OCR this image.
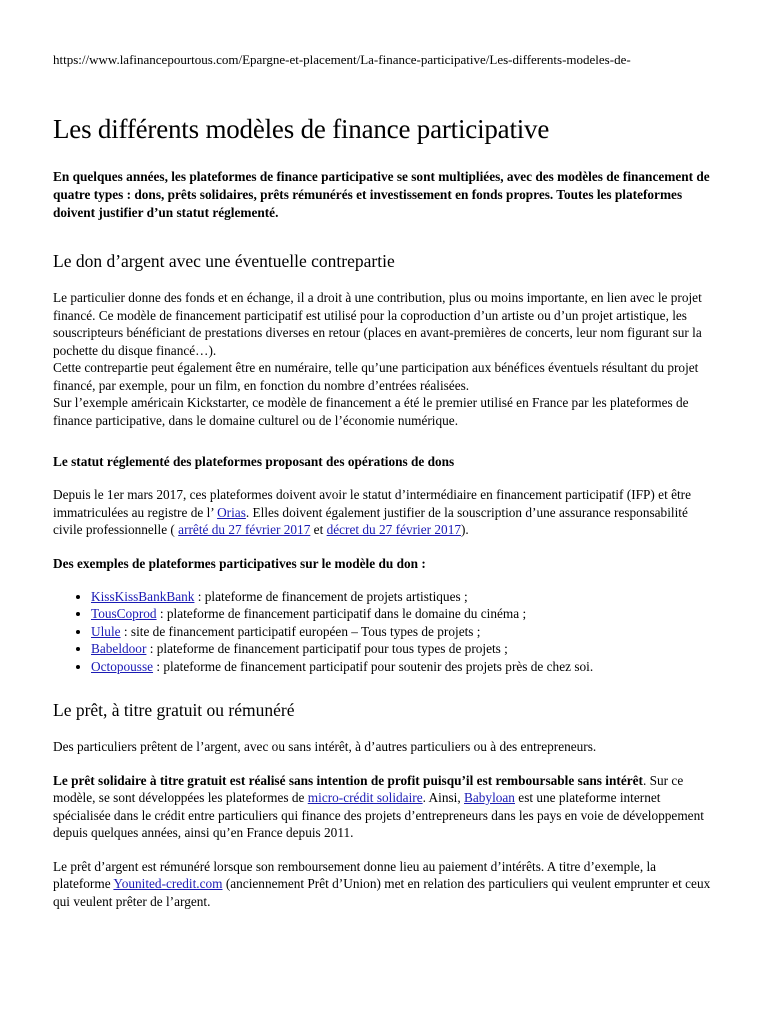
https://www.lafinancepourtous.com/Epargne-et-placement/La-finance-participative/Les-differents-modeles-de-
Les différents modèles de finance participative

En quelques années, les plateformes de finance participative se sont multipliées, avec des modèles de financement de quatre types : dons, prêts solidaires, prêts rémunérés et investissement en fonds propres. Toutes les plateformes doivent justifier d’un statut réglementé.

Le don d’argent avec une éventuelle contrepartie

Le particulier donne des fonds et en échange, il a droit à une contribution, plus ou moins importante, en lien avec le projet financé. Ce modèle de financement participatif est utilisé pour la coproduction d’un artiste ou d’un projet artistique, les souscripteurs bénéficiant de prestations diverses en retour (places en avant-premières de concerts, leur nom figurant sur la pochette du disque financé…).
Cette contrepartie peut également être en numéraire, telle qu’une participation aux bénéfices éventuels résultant du projet financé, par exemple, pour un film, en fonction du nombre d’entrées réalisées.
Sur l’exemple américain Kickstarter, ce modèle de financement a été le premier utilisé en France par les plateformes de finance participative, dans le domaine culturel ou de l’économie numérique.

Le statut réglementé des plateformes proposant des opérations de dons

Depuis le 1er mars 2017, ces plateformes doivent avoir le statut d’intermédiaire en financement participatif (IFP) et être immatriculées au registre de l’ Orias. Elles doivent également justifier de la souscription d’une assurance responsabilité civile professionnelle ( arrêté du 27 février 2017 et décret du 27 février 2017).

Des exemples de plateformes participatives sur le modèle du don :
• KissKissBankBank : plateforme de financement de projets artistiques ;
• TousCoprod : plateforme de financement participatif dans le domaine du cinéma ;
• Ulule : site de financement participatif européen – Tous types de projets ;
• Babeldoor : plateforme de financement participatif pour tous types de projets ;
• Octopousse : plateforme de financement participatif pour soutenir des projets près de chez soi.
Le prêt, à titre gratuit ou rémunéré

Des particuliers prêtent de l’argent, avec ou sans intérêt, à d’autres particuliers ou à des entrepreneurs.

Le prêt solidaire à titre gratuit est réalisé sans intention de profit puisqu’il est remboursable sans intérêt. Sur ce modèle, se sont développées les plateformes de micro-crédit solidaire. Ainsi, Babyloan est une plateforme internet spécialisée dans le crédit entre particuliers qui finance des projets d’entrepreneurs dans les pays en voie de développement depuis quelques années, ainsi qu’en France depuis 2011.

Le prêt d’argent est rémunéré lorsque son remboursement donne lieu au paiement d’intérêts. A titre d’exemple, la plateforme Younited-credit.com (anciennement Prêt d’Union) met en relation des particuliers qui veulent emprunter et ceux qui veulent prêter de l’argent.
